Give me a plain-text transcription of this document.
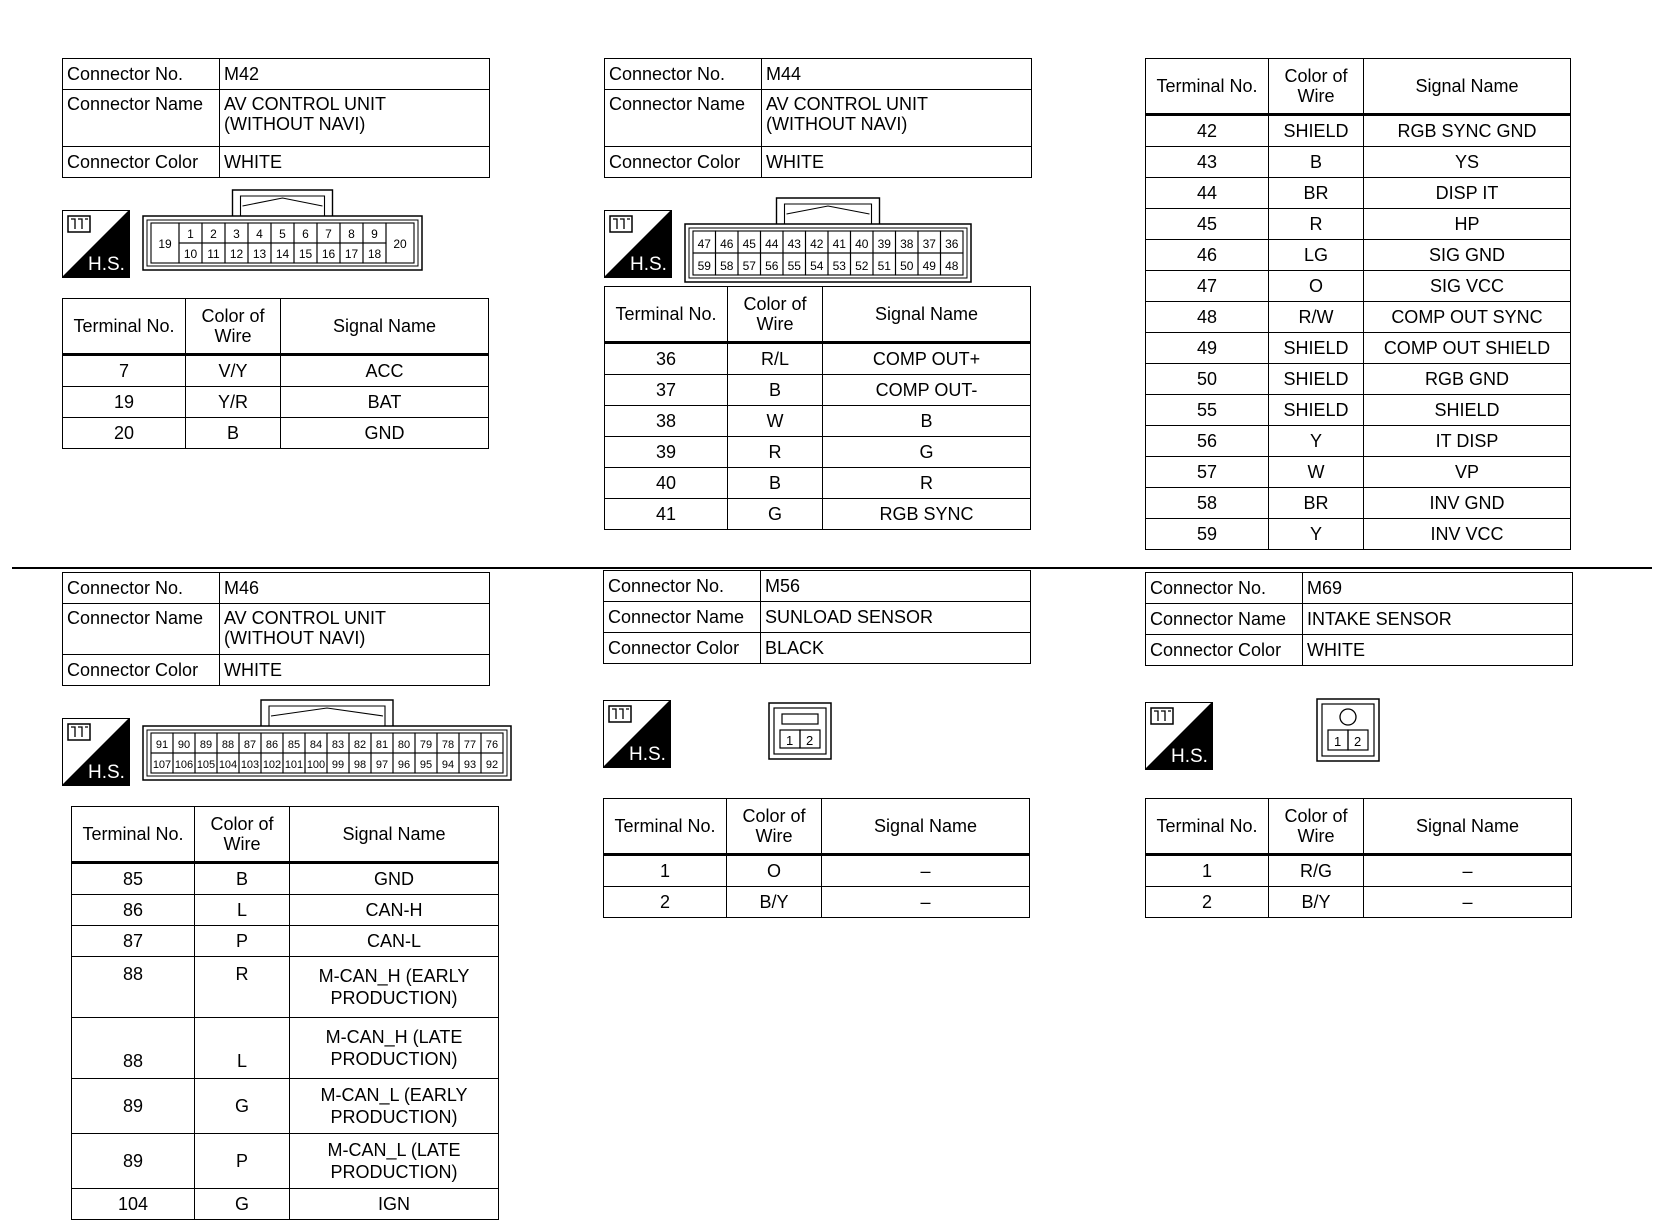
Connector No.	M42
Connector Name	AV CONTROL UNIT
(WITHOUT NAVI)

Connector Color	WHITE
H.S.
1 2 3 4 5 6 7 8 9
10 11 12 13 14 15 16 17 18
19	20
Terminal No.	Color of Wire	Signal Name
7	V/Y	ACC
19	Y/R	BAT
20	B	GND
Connector No.	M44
Connector Name	AV CONTROL UNIT
(WITHOUT NAVI)

Connector Color	WHITE
H.S.
47 46 45 44 43 42 41 40 39 38 37 36
59 58 57 56 55 54 53 52 51 50 49 48
Terminal No.	Color of Wire	Signal Name
36	R/L	COMP OUT+
37	B	COMP OUT-
38	W	B
39	R	G
40	B	R
41	G	RGB SYNC
Terminal No.	Color of Wire	Signal Name
42	SHIELD	RGB SYNC GND
43	B	YS
44	BR	DISP IT
45	R	HP
46	LG	SIG GND
47	O	SIG VCC
48	R/W	COMP OUT SYNC
49	SHIELD	COMP OUT SHIELD
50	SHIELD	RGB GND
55	SHIELD	SHIELD
56	Y	IT DISP
57	W	VP
58	BR	INV GND
59	Y	INV VCC
Connector No.	M46
Connector Name	AV CONTROL UNIT
(WITHOUT NAVI)

Connector Color	WHITE
H.S.
91 90 89 88 87 86 85 84 83 82 81 80 79 78 77 76
107 106 105 104 103 102 101 100 99 98 97 96 95 94 93 92
Terminal No.	Color of Wire	Signal Name
85	B	GND

86	L	CAN-H

87	P	CAN-L

88	R	M-CAN_H (EARLY
PRODUCTION)

88	L	M-CAN_H (LATE
PRODUCTION)

89	G	M-CAN_L (EARLY
PRODUCTION)

89	P	M-CAN_L (LATE
PRODUCTION)

104	G	IGN
Connector No.	M56
Connector Name	SUNLOAD SENSOR
Connector Color	BLACK
H.S.
1 2
Terminal No.	Color of Wire	Signal Name
1	O	–
2	B/Y	–
Connector No.	M69
Connector Name	INTAKE SENSOR
Connector Color	WHITE
H.S.
1 2
Terminal No.	Color of Wire	Signal Name
1	R/G	–
2	B/Y	–
